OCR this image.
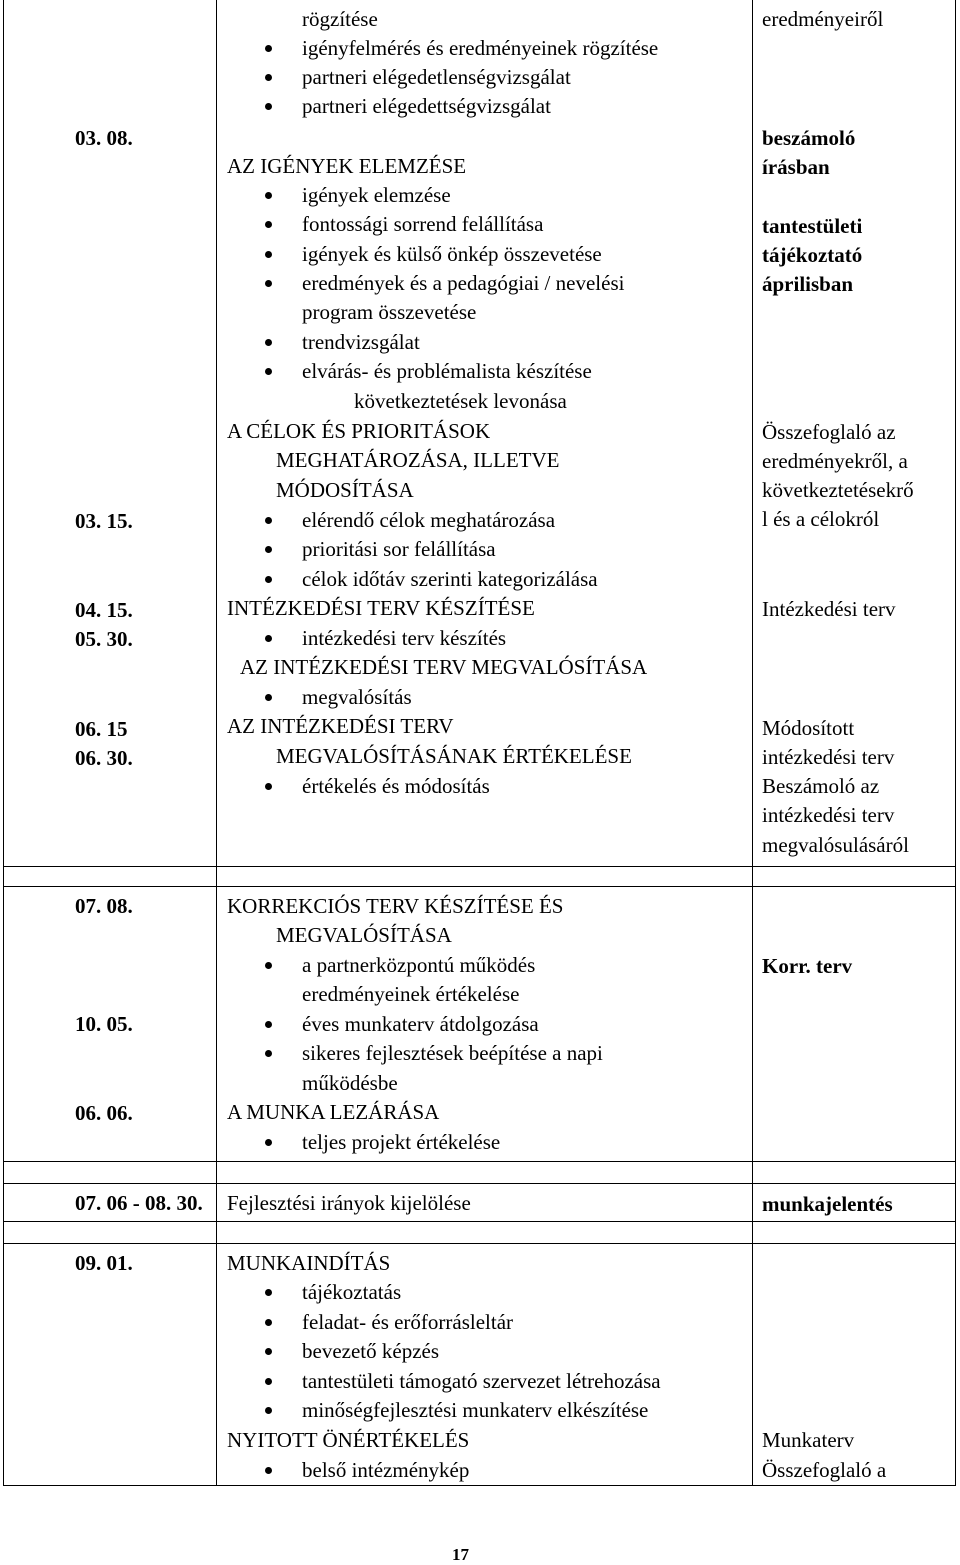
03. 08.
03. 15.
04. 15.
05. 30.
06. 15
06. 30.
rögzítése
igényfelmérés és eredményeinek rögzítése
partneri elégedetlenségvizsgálat
partneri elégedettségvizsgálat
AZ IGÉNYEK ELEMZÉSE
igények elemzése
fontossági sorrend felállítása
igények és külső önkép összevetése
eredmények és a pedagógiai / nevelési
program összevetése
trendvizsgálat
elvárás- és problémalista készítése
következtetések levonása
A CÉLOK ÉS PRIORITÁSOK
MEGHATÁROZÁSA, ILLETVE
MÓDOSÍTÁSA
elérendő célok meghatározása
prioritási sor felállítása
célok időtáv szerinti kategorizálása
INTÉZKEDÉSI TERV KÉSZÍTÉSE
intézkedési terv készítés
AZ INTÉZKEDÉSI TERV MEGVALÓSÍTÁSA
megvalósítás
AZ INTÉZKEDÉSI TERV
MEGVALÓSÍTÁSÁNAK ÉRTÉKELÉSE
értékelés és módosítás
eredményeiről
beszámoló
írásban
tantestületi
tájékoztató
áprilisban
Összefoglaló az
eredményekről, a
következtetésekrő
l és a célokról
Intézkedési terv
Módosított
intézkedési terv
Beszámoló az
intézkedési terv
megvalósulásáról
07. 08.
10. 05.
06. 06.
KORREKCIÓS TERV KÉSZÍTÉSE ÉS
MEGVALÓSÍTÁSA
a partnerközpontú működés
eredményeinek értékelése
éves munkaterv átdolgozása
sikeres fejlesztések beépítése a napi
működésbe
A MUNKA LEZÁRÁSA
teljes projekt értékelése
Korr. terv
07. 06 - 08. 30. Fejlesztési irányok kijelölése	munkajelentés
09. 01.	MUNKAINDÍTÁS
tájékoztatás
feladat- és erőforrásleltár
bevezető képzés
tantestületi támogató szervezet létrehozása
minőségfejlesztési munkaterv elkészítése
NYITOTT ÖNÉRTÉKELÉS
belső intézménykép
Munkaterv
Összefoglaló a
17
